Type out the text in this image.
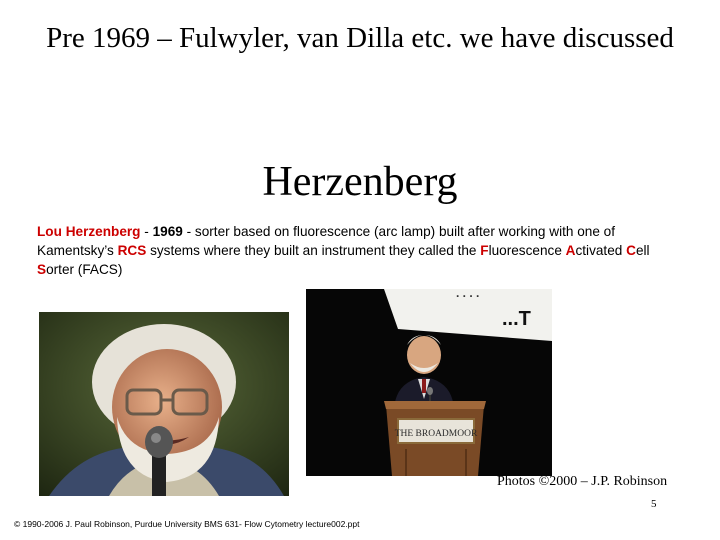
Pre 1969 – Fulwyler, van Dilla etc. we have discussed
Herzenberg
Lou Herzenberg - 1969 - sorter based on fluorescence (arc lamp) built after working with one of Kamentsky’s RCS systems where they built an instrument they called the Fluorescence Activated Cell Sorter (FACS)
. . . .
...T
THE BROADMOOR
Photos ©2000 – J.P. Robinson
5
© 1990-2006 J. Paul Robinson, Purdue University BMS 631- Flow Cytometry lecture002.ppt
